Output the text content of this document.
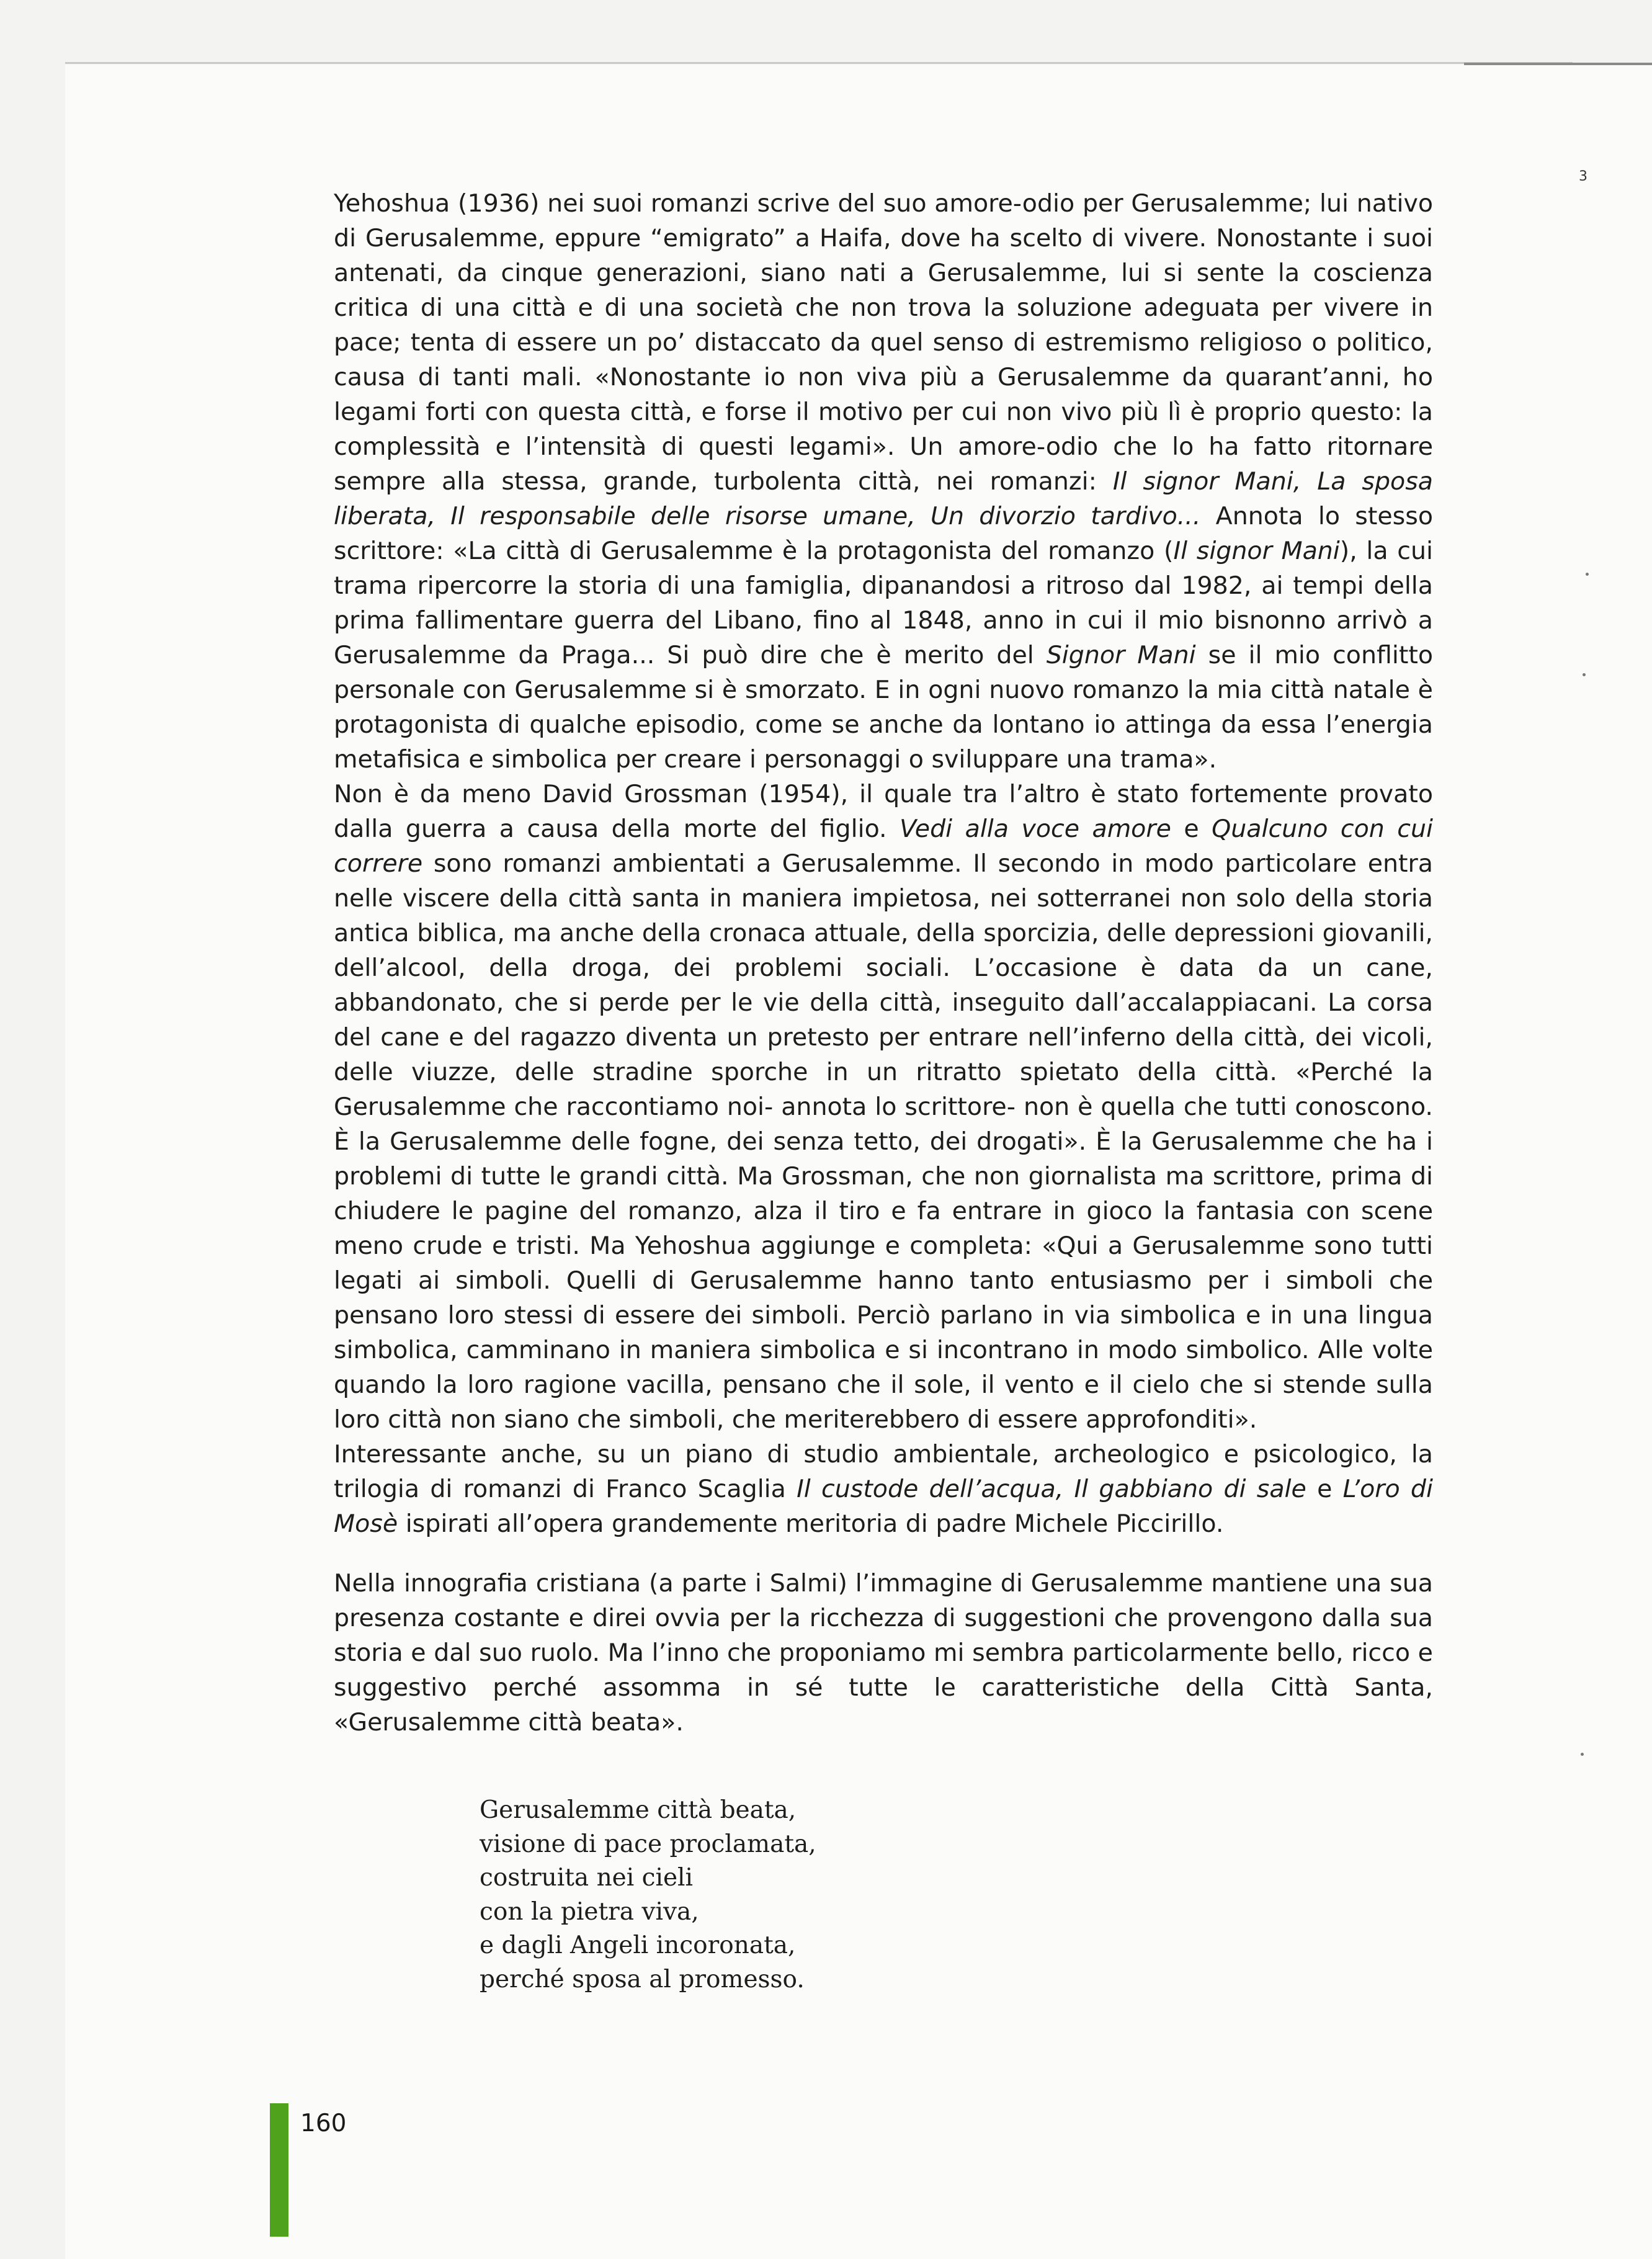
3

Yehoshua (1936) nei suoi romanzi scrive del suo amore-odio per Gerusalemme; lui nativo di Gerusalemme, eppure “emigrato” a Haifa, dove ha scelto di vivere. Nonostante i suoi antenati, da cinque generazioni, siano nati a Gerusalemme, lui si sente la coscienza critica di una città e di una società che non trova la soluzione adeguata per vivere in pace; tenta di essere un po’ distaccato da quel senso di estremismo religioso o politico, causa di tanti mali. «Nonostante io non viva più a Gerusalemme da quarant’anni, ho legami forti con questa città, e forse il motivo per cui non vivo più lì è proprio questo: la complessità e l’intensità di questi legami». Un amore-odio che lo ha fatto ritornare sempre alla stessa, grande, turbolenta città, nei romanzi: Il signor Mani, La sposa liberata, Il responsabile delle risorse umane, Un divorzio tardivo... Annota lo stesso scrittore: «La città di Gerusalemme è la protagonista del romanzo (Il signor Mani), la cui trama ripercorre la storia di una famiglia, dipanandosi a ritroso dal 1982, ai tempi della prima fallimentare guerra del Libano, fino al 1848, anno in cui il mio bisnonno arrivò a Gerusalemme da Praga... Si può dire che è merito del Signor Mani se il mio conflitto personale con Gerusalemme si è smorzato. E in ogni nuovo romanzo la mia città natale è protagonista di qualche episodio, come se anche da lontano io attinga da essa l’energia metafisica e simbolica per creare i personaggi o sviluppare una trama».

Non è da meno David Grossman (1954), il quale tra l’altro è stato fortemente provato dalla guerra a causa della morte del figlio. Vedi alla voce amore e Qualcuno con cui correre sono romanzi ambientati a Gerusalemme. Il secondo in modo particolare entra nelle viscere della città santa in maniera impietosa, nei sotterranei non solo della storia antica biblica, ma anche della cronaca attuale, della sporcizia, delle depressioni giovanili, dell’alcool, della droga, dei problemi sociali. L’occasione è data da un cane, abbandonato, che si perde per le vie della città, inseguito dall’accalappiacani. La corsa del cane e del ragazzo diventa un pretesto per entrare nell’inferno della città, dei vicoli, delle viuzze, delle stradine sporche in un ritratto spietato della città. «Perché la Gerusalemme che raccontiamo noi- annota lo scrittore- non è quella che tutti conoscono. È la Gerusalemme delle fogne, dei senza tetto, dei drogati». È la Gerusalemme che ha i problemi di tutte le grandi città. Ma Grossman, che non giornalista ma scrittore, prima di chiudere le pagine del romanzo, alza il tiro e fa entrare in gioco la fantasia con scene meno crude e tristi. Ma Yehoshua aggiunge e completa: «Qui a Gerusalemme sono tutti legati ai simboli. Quelli di Gerusalemme hanno tanto entusiasmo per i simboli che pensano loro stessi di essere dei simboli. Perciò parlano in via simbolica e in una lingua simbolica, camminano in maniera simbolica e si incontrano in modo simbolico. Alle volte quando la loro ragione vacilla, pensano che il sole, il vento e il cielo che si stende sulla loro città non siano che simboli, che meriterebbero di essere approfonditi».

Interessante anche, su un piano di studio ambientale, archeologico e psicologico, la trilogia di romanzi di Franco Scaglia Il custode dell’acqua, Il gabbiano di sale e L’oro di Mosè ispirati all’opera grandemente meritoria di padre Michele Piccirillo.

Nella innografia cristiana (a parte i Salmi) l’immagine di Gerusalemme mantiene una sua presenza costante e direi ovvia per la ricchezza di suggestioni che provengono dalla sua storia e dal suo ruolo. Ma l’inno che proponiamo mi sembra particolarmente bello, ricco e suggestivo perché assomma in sé tutte le caratteristiche della Città Santa, «Gerusalemme città beata».

Gerusalemme città beata,
visione di pace proclamata,
costruita nei cieli
con la pietra viva,
e dagli Angeli incoronata,
perché sposa al promesso.
160
